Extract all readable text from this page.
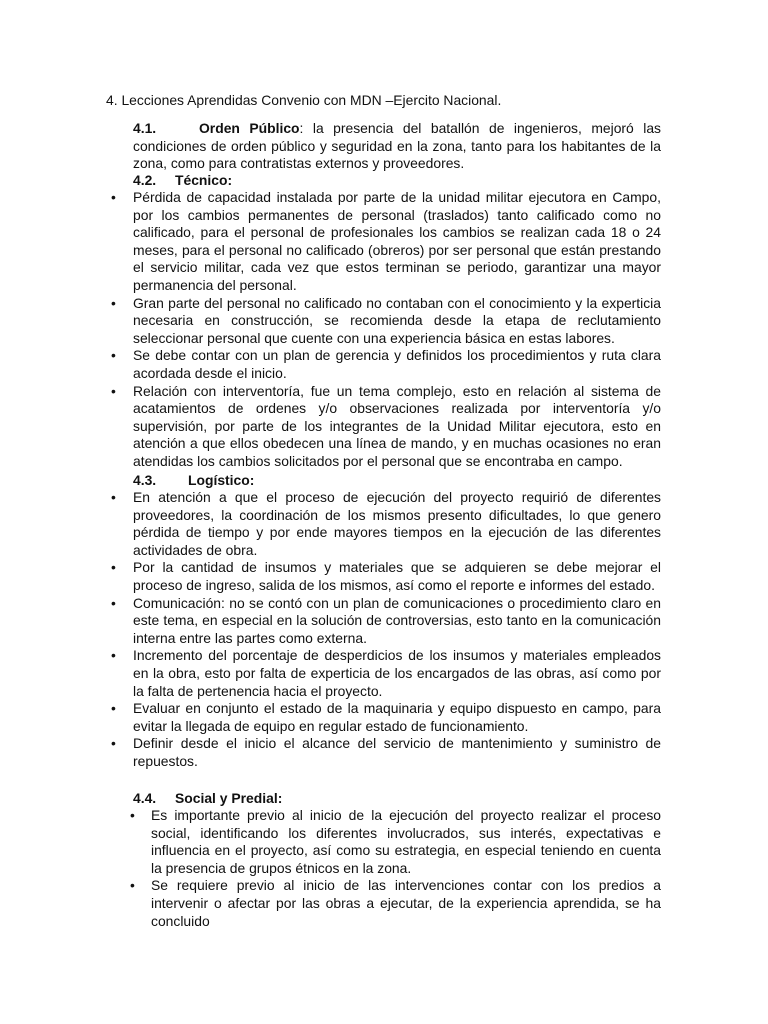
4. Lecciones Aprendidas Convenio con MDN –Ejercito Nacional.
4.1.	Orden Público: la presencia del batallón de ingenieros, mejoró las condiciones de orden público y seguridad en la zona, tanto para los habitantes de la zona, como para contratistas externos y proveedores.
4.2. Técnico:
• Pérdida de capacidad instalada por parte de la unidad militar ejecutora en Campo, por los cambios permanentes de personal (traslados) tanto calificado como no calificado, para el personal de profesionales los cambios se realizan cada 18 o 24 meses, para el personal no calificado (obreros) por ser personal que están prestando el servicio militar, cada vez que estos terminan se periodo, garantizar una mayor permanencia del personal.
• Gran parte del personal no calificado no contaban con el conocimiento y la experticia necesaria en construcción, se recomienda desde la etapa de reclutamiento seleccionar personal que cuente con una experiencia básica en estas labores.
• Se debe contar con un plan de gerencia y definidos los procedimientos y ruta clara acordada desde el inicio.
• Relación con interventoría, fue un tema complejo, esto en relación al sistema de acatamientos de ordenes y/o observaciones realizada por interventoría y/o supervisión, por parte de los integrantes de la Unidad Militar ejecutora, esto en atención a que ellos obedecen una línea de mando, y en muchas ocasiones no eran atendidas los cambios solicitados por el personal que se encontraba en campo.
4.3. Logístico:
• En atención a que el proceso de ejecución del proyecto requirió de diferentes proveedores, la coordinación de los mismos presento dificultades, lo que genero pérdida de tiempo y por ende mayores tiempos en la ejecución de las diferentes actividades de obra.
• Por la cantidad de insumos y materiales que se adquieren se debe mejorar el proceso de ingreso, salida de los mismos, así como el reporte e informes del estado.
• Comunicación: no se contó con un plan de comunicaciones o procedimiento claro en este tema, en especial en la solución de controversias, esto tanto en la comunicación interna entre las partes como externa.
• Incremento del porcentaje de desperdicios de los insumos y materiales empleados en la obra, esto por falta de experticia de los encargados de las obras, así como por la falta de pertenencia hacia el proyecto.
• Evaluar en conjunto el estado de la maquinaria y equipo dispuesto en campo, para evitar la llegada de equipo en regular estado de funcionamiento.
• Definir desde el inicio el alcance del servicio de mantenimiento y suministro de repuestos.
4.4. Social y Predial:
• Es importante previo al inicio de la ejecución del proyecto realizar el proceso social, identificando los diferentes involucrados, sus interés, expectativas e influencia en el proyecto, así como su estrategia, en especial teniendo en cuenta la presencia de grupos étnicos en la zona.
• Se requiere previo al inicio de las intervenciones contar con los predios a intervenir o afectar por las obras a ejecutar, de la experiencia aprendida, se ha concluido
